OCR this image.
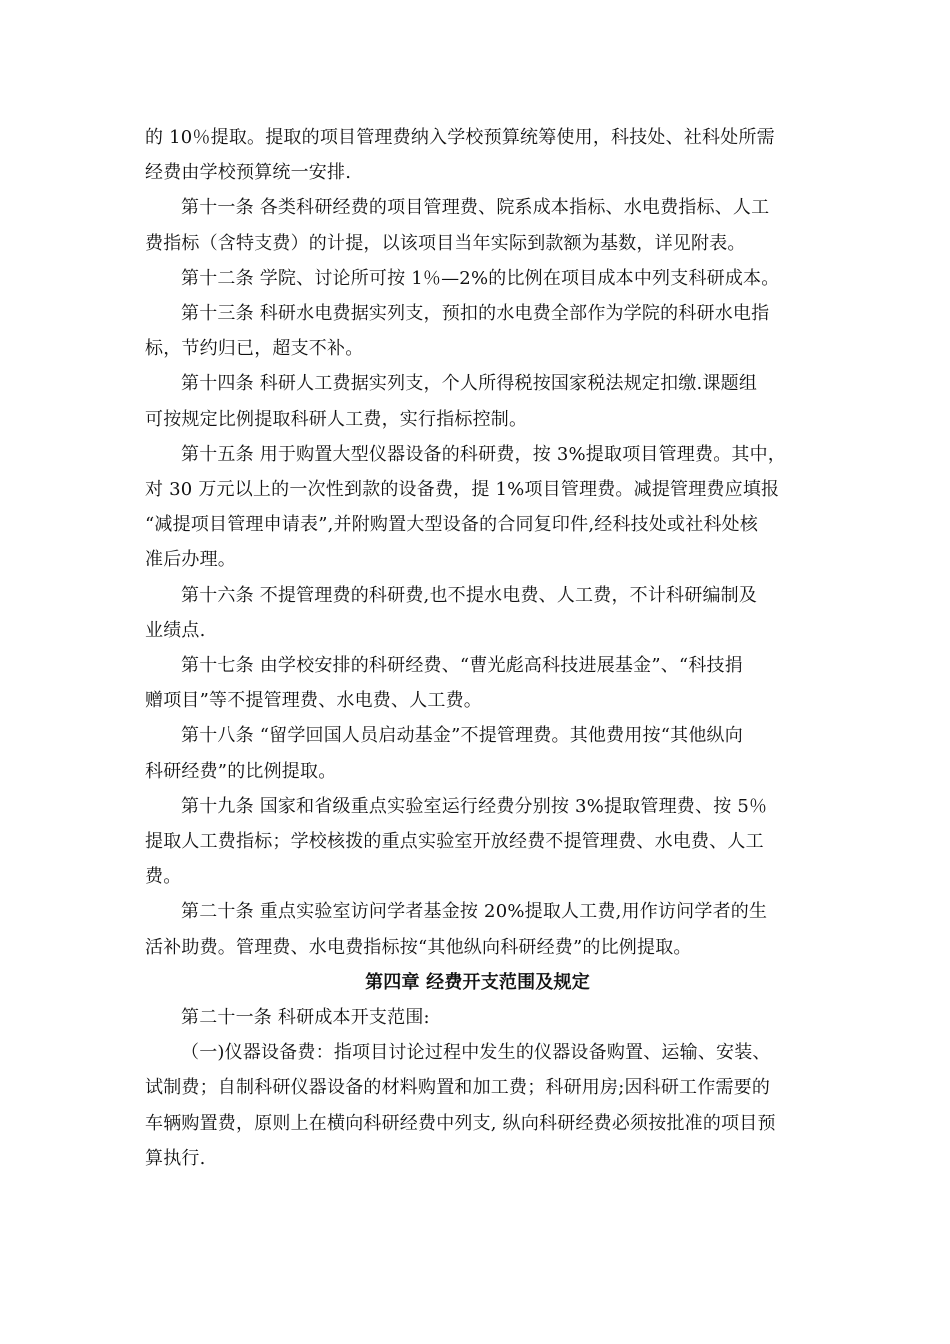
的 10％提取。提取的项目管理费纳入学校预算统筹使用，科技处、社科处所需
经费由学校预算统一安排.

第十一条 各类科研经费的项目管理费、院系成本指标、水电费指标、人工
费指标（含特支费）的计提，以该项目当年实际到款额为基数，详见附表。

第十二条 学院、讨论所可按 1％—2%的比例在项目成本中列支科研成本。

第十三条 科研水电费据实列支，预扣的水电费全部作为学院的科研水电指
标，节约归已，超支不补。

第十四条 科研人工费据实列支，个人所得税按国家税法规定扣缴.课题组
可按规定比例提取科研人工费，实行指标控制。

第十五条 用于购置大型仪器设备的科研费，按 3%提取项目管理费。其中，
对 30 万元以上的一次性到款的设备费，提 1%项目管理费。减提管理费应填报
“减提项目管理申请表”,并附购置大型设备的合同复印件,经科技处或社科处核
准后办理。

第十六条 不提管理费的科研费,也不提水电费、人工费，不计科研编制及
业绩点.

第十七条 由学校安排的科研经费、“曹光彪高科技进展基金”、“科技捐
赠项目”等不提管理费、水电费、人工费。

第十八条 “留学回国人员启动基金”不提管理费。其他费用按“其他纵向
科研经费”的比例提取。

第十九条 国家和省级重点实验室运行经费分别按 3%提取管理费、按 5％
提取人工费指标；学校核拨的重点实验室开放经费不提管理费、水电费、人工
费。

第二十条 重点实验室访问学者基金按 20%提取人工费,用作访问学者的生
活补助费。管理费、水电费指标按“其他纵向科研经费”的比例提取。

第四章 经费开支范围及规定

第二十一条 科研成本开支范围:

（一)仪器设备费：指项目讨论过程中发生的仪器设备购置、运输、安装、
试制费；自制科研仪器设备的材料购置和加工费；科研用房;因科研工作需要的
车辆购置费，原则上在横向科研经费中列支, 纵向科研经费必须按批准的项目预
算执行.
